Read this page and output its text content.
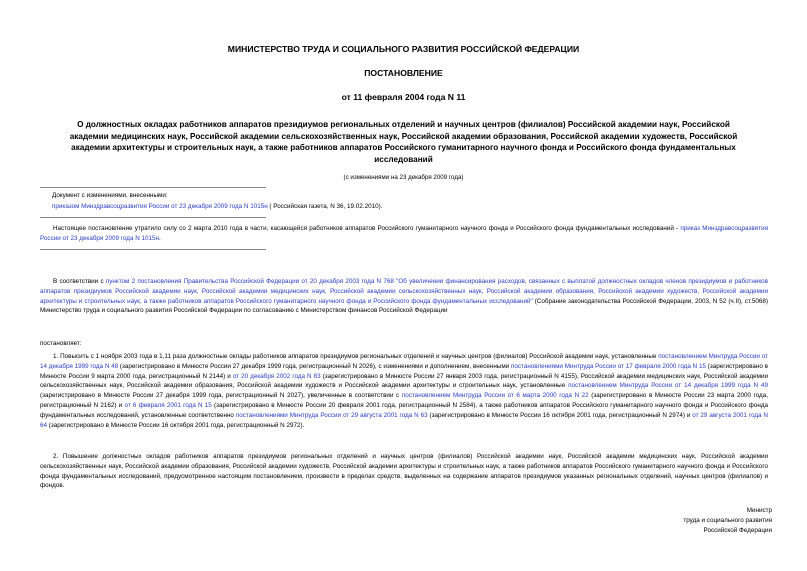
МИНИСТЕРСТВО ТРУДА И СОЦИАЛЬНОГО РАЗВИТИЯ РОССИЙСКОЙ ФЕДЕРАЦИИ
ПОСТАНОВЛЕНИЕ
от 11 февраля 2004 года N 11
О должностных окладах работников аппаратов президиумов региональных отделений и научных центров (филиалов) Российской академии наук, Российской
академии медицинских наук, Российской академии сельскохозяйственных наук, Российской академии образования, Российской академии художеств, Российской
академии архитектуры и строительных наук, а также работников аппаратов Российского гуманитарного научного фонда и Российского фонда фундаментальных
исследований
(с изменениями на 23 декабря 2009 года)
Документ с изменениями, внесенными:
приказом Минздравсоцразвития России от 23 декабря 2009 года N 1015н ( Российская газета, N 36, 19.02.2010).
Настоящее постановление утратило силу со 2 марта 2010 года в части, касающейся работников аппаратов Российского гуманитарного научного фонда и Российского фонда фундаментальных исследований - приказ Минздравсоцразвития России от 23 декабря 2009 года N 1015н.
В соответствии с пунктом 2 постановления Правительства Российской Федерации от 20 декабря 2003 года N 768 "Об увеличении финансирования расходов, связанных с выплатой должностных окладов членов президиумов и работников аппаратов президиумов Российской академии наук, Российской академии медицинских наук, Российской академии сельскохозяйственных наук, Российской академии образования, Российской академии художеств, Российской академии архитектуры и строительных наук, а также работников аппаратов Российского гуманитарного научного фонда и Российского фонда фундаментальных исследований" (Собрание законодательства Российской Федерации, 2003, N 52 (ч.II), ст.5068) Министерство труда и социального развития Российской Федерации по согласованию с Министерством финансов Российской Федерации
постановляет:
1. Повысить с 1 ноября 2003 года в 1,11 раза должностные оклады работников аппаратов президиумов региональных отделений и научных центров (филиалов) Российской академии наук, установленные постановлением Минтруда России от 14 декабря 1999 года N 48 (зарегистрировано в Минюсте России 27 декабря 1999 года, регистрационный N 2026), с изменениями и дополнением, внесенными постановлениями Минтруда России от 17 февраля 2000 года N 15 (зарегистрировано в Минюсте России 9 марта 2000 года, регистрационный N 2144) и от 20 декабря 2002 года N 83 (зарегистрировано в Минюсте России 27 января 2003 года, регистрационный N 4155), Российской академии медицинских наук, Российской академии сельскохозяйственных наук, Российской академии образования, Российской академии художеств и Российской академии архитектуры и строительных наук, установленные постановлением Минтруда России от 14 декабря 1999 года N 49 (зарегистрировано в Минюсте России 27 декабря 1999 года, регистрационный N 2027), увеличенные в соответствии с постановлением Минтруда России от 6 марта 2000 года N 22 (зарегистрировано в Минюсте России 23 марта 2000 года, регистрационный N 2162) и от 6 февраля 2001 года N 15 (зарегистрировано в Минюсте России 20 февраля 2001 года, регистрационный N 2584), а также работников аппаратов Российского гуманитарного научного фонда и Российского фонда фундаментальных исследований, установленные соответственно постановлениями Минтруда России от 29 августа 2001 года N 63 (зарегистрировано в Минюсте России 16 октября 2001 года, регистрационный N 2974) и от 29 августа 2001 года N 64 (зарегистрировано в Минюсте России 16 октября 2001 года, регистрационный N 2972).
2. Повышение должностных окладов работников аппаратов президиумов региональных отделений и научных центров (филиалов) Российской академии наук, Российской академии медицинских наук, Российской академии сельскохозяйственных наук, Российской академии образования, Российской академии художеств, Российской академии архитектуры и строительных наук, а также работников аппаратов Российского гуманитарного научного фонда и Российского фонда фундаментальных исследований, предусмотренное настоящим постановлением, произвести в пределах средств, выделенных на содержание аппаратов президиумов указанных региональных отделений, научных центров (филиалов) и фондов.
Министр
труда и социального развития
Российской Федерации
